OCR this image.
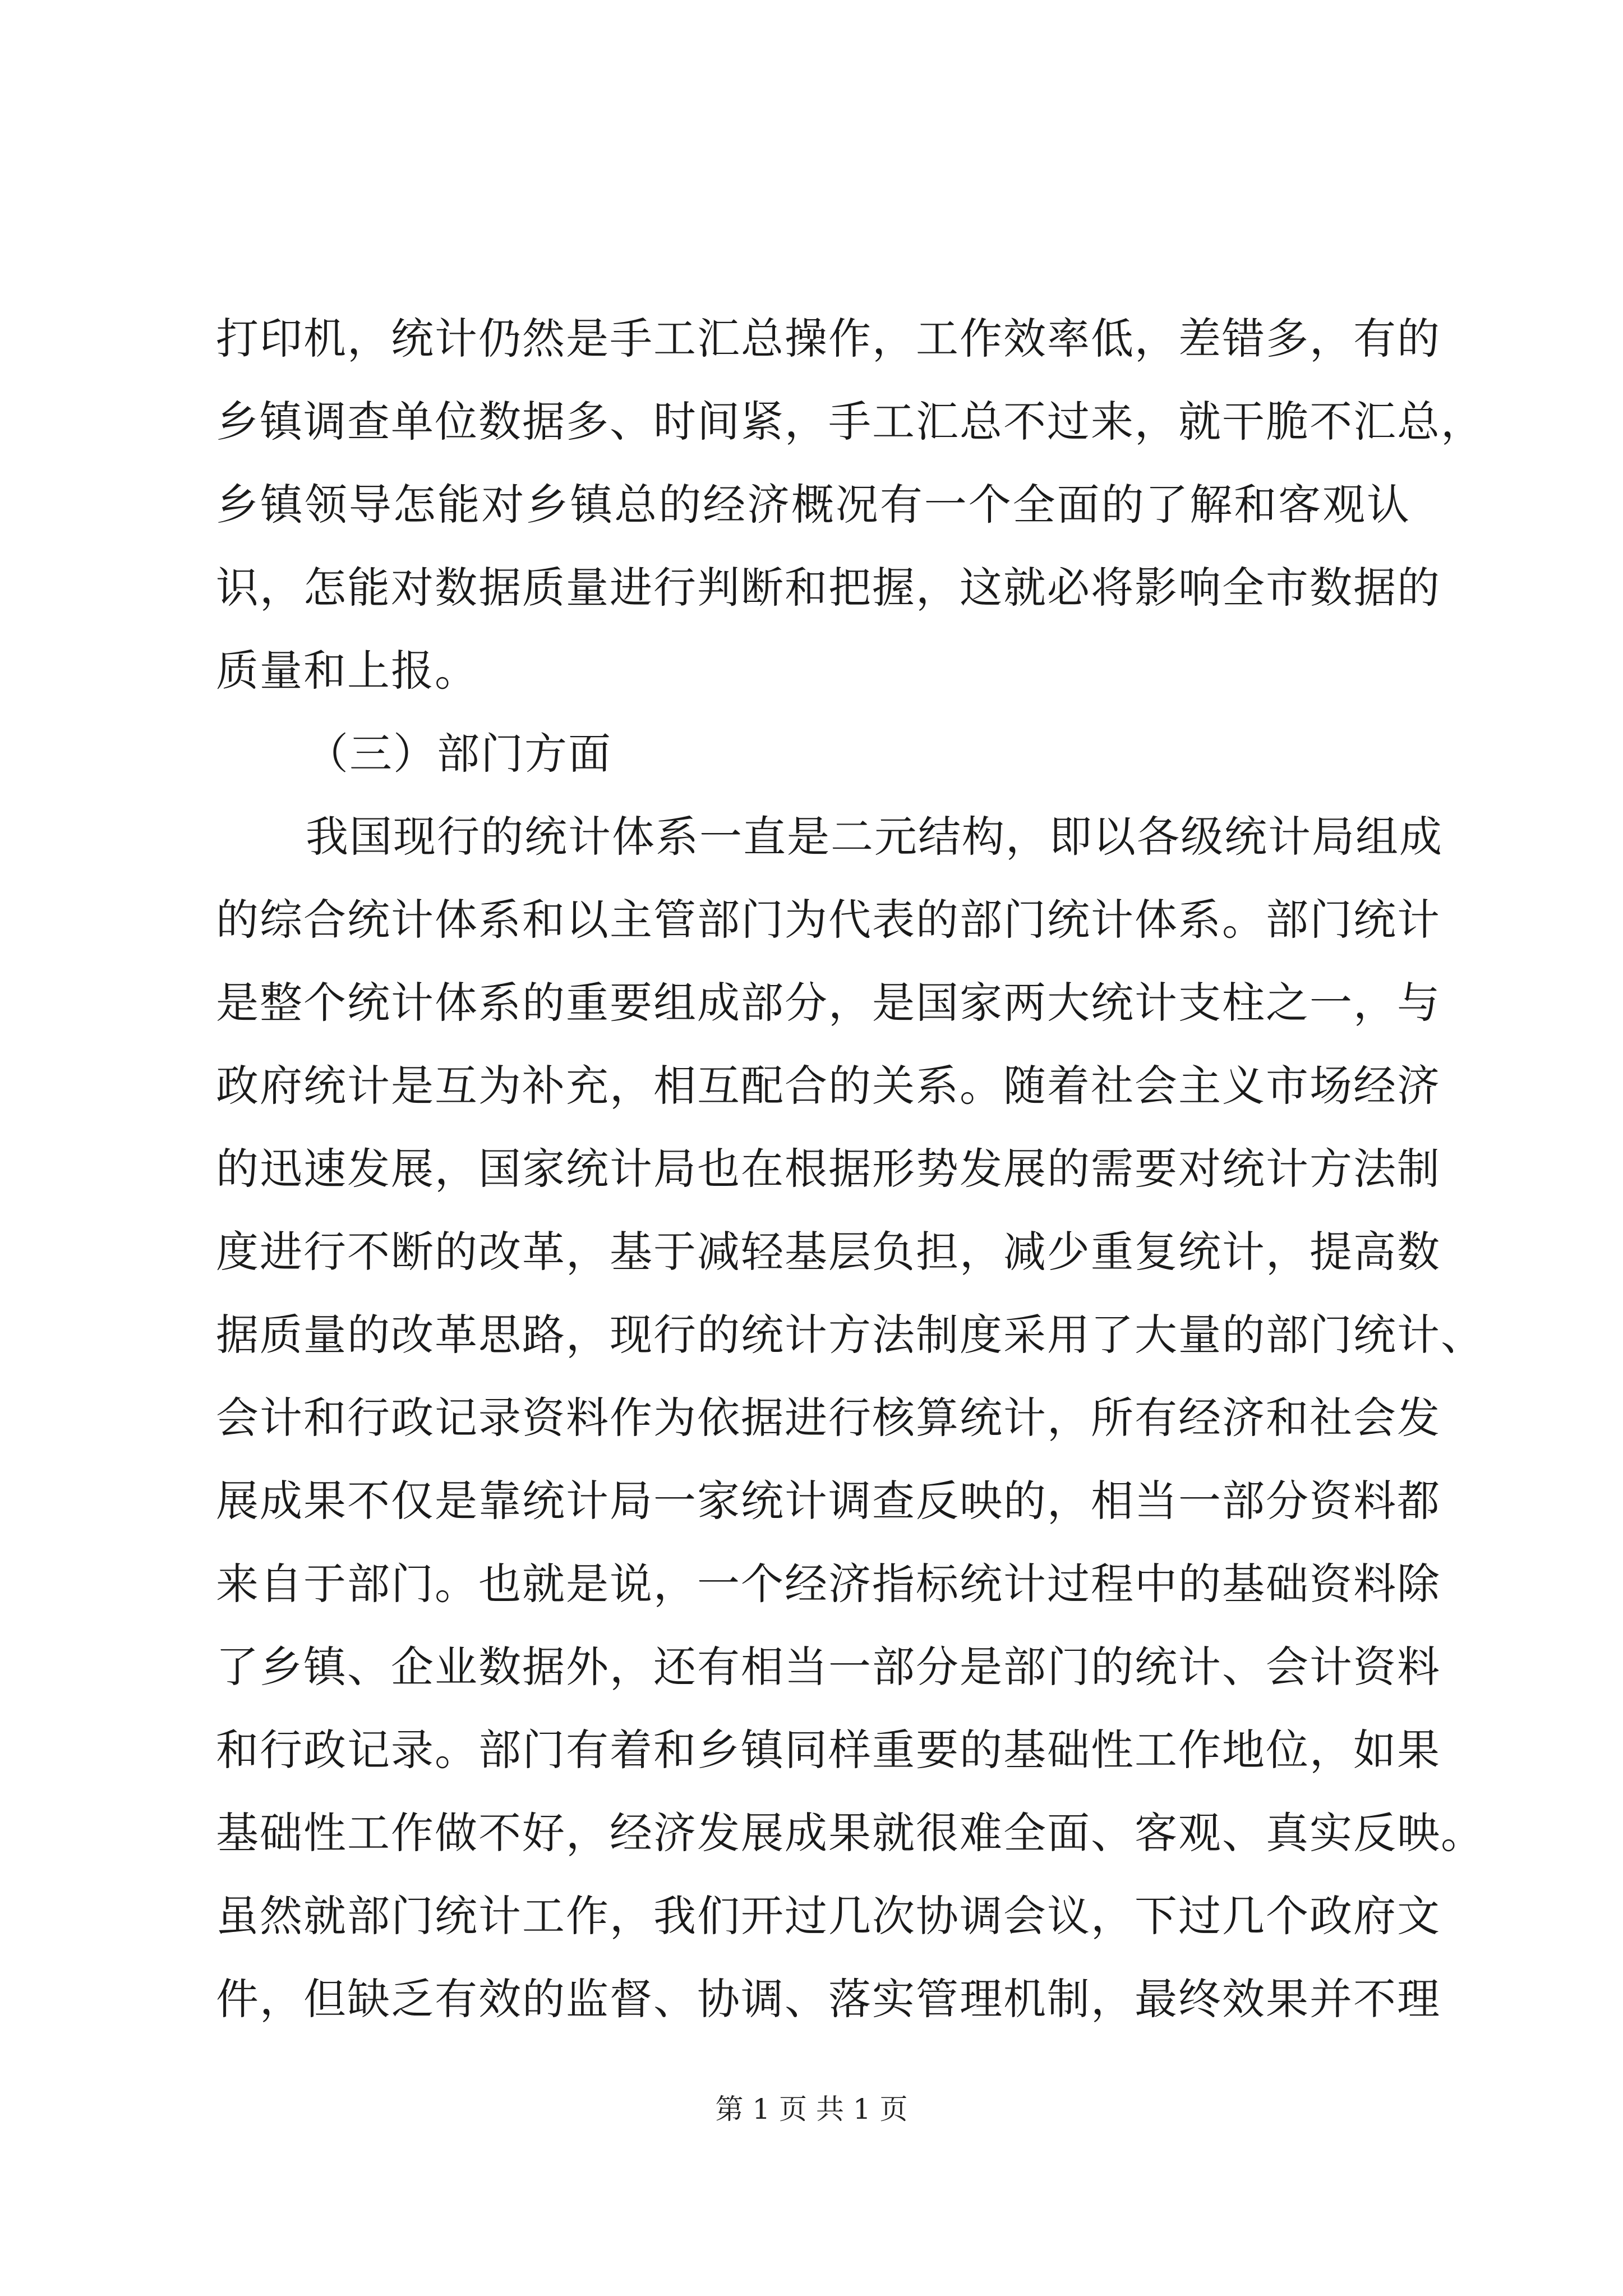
打印机，统计仍然是手工汇总操作，工作效率低，差错多，有的
乡镇调查单位数据多、时间紧，手工汇总不过来，就干脆不汇总，
乡镇领导怎能对乡镇总的经济概况有一个全面的了解和客观认
识，怎能对数据质量进行判断和把握，这就必将影响全市数据的
质量和上报。
（三）部门方面
我国现行的统计体系一直是二元结构，即以各级统计局组成
的综合统计体系和以主管部门为代表的部门统计体系。部门统计
是整个统计体系的重要组成部分，是国家两大统计支柱之一，与
政府统计是互为补充，相互配合的关系。随着社会主义市场经济
的迅速发展，国家统计局也在根据形势发展的需要对统计方法制
度进行不断的改革，基于减轻基层负担，减少重复统计，提高数
据质量的改革思路，现行的统计方法制度采用了大量的部门统计、
会计和行政记录资料作为依据进行核算统计，所有经济和社会发
展成果不仅是靠统计局一家统计调查反映的，相当一部分资料都
来自于部门。也就是说，一个经济指标统计过程中的基础资料除
了乡镇、企业数据外，还有相当一部分是部门的统计、会计资料
和行政记录。部门有着和乡镇同样重要的基础性工作地位，如果
基础性工作做不好，经济发展成果就很难全面、客观、真实反映。
虽然就部门统计工作，我们开过几次协调会议，下过几个政府文
件，但缺乏有效的监督、协调、落实管理机制，最终效果并不理
第 1 页 共 1 页
